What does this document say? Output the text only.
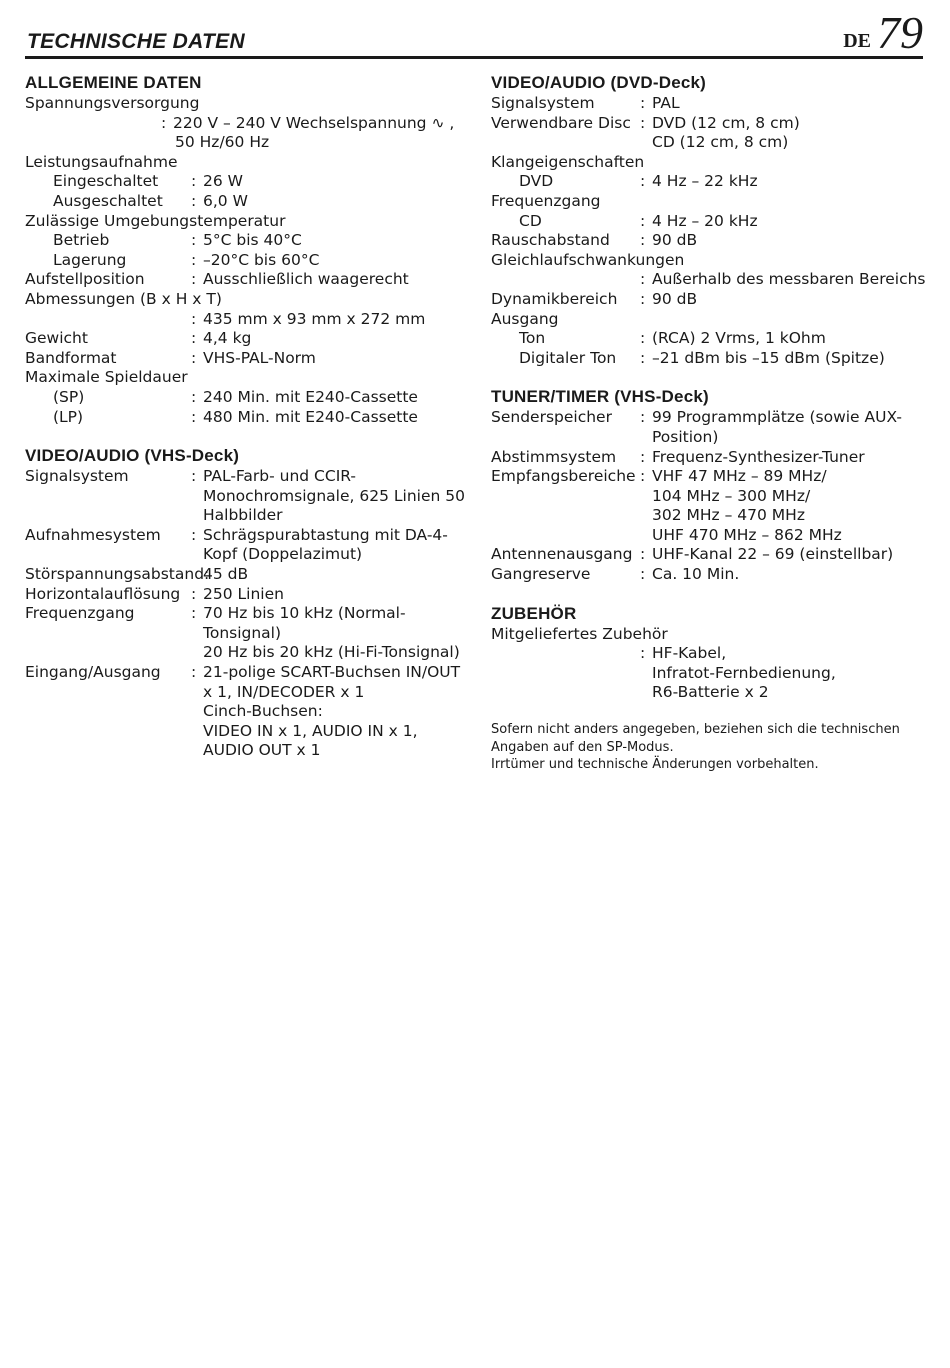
TECHNISCHE DATEN	DE 79
ALLGEMEINE DATEN
Spannungsversorgung
: 220 V – 240 V Wechselspannung ∿ ,
50 Hz/60 Hz
Leistungsaufnahme
Eingeschaltet	: 26 W
Ausgeschaltet	: 6,0 W
Zulässige Umgebungstemperatur
Betrieb	: 5°C bis 40°C
Lagerung	: –20°C bis 60°C
Aufstellposition	: Ausschließlich waagerecht
Abmessungen (B x H x T)
: 435 mm x 93 mm x 272 mm
Gewicht	: 4,4 kg
Bandformat	: VHS-PAL-Norm
Maximale Spieldauer
(SP)	: 240 Min. mit E240-Cassette
(LP)	: 480 Min. mit E240-Cassette
VIDEO/AUDIO (VHS-Deck)
Signalsystem	: PAL-Farb- und CCIR-Monochromsignale, 625 Linien 50 Halbbilder
Aufnahmesystem	: Schrägspurabtastung mit DA-4-Kopf (Doppelazimut)
Störspannungsabstand:
45 dB
Horizontalauflösung : 250 Linien
Frequenzgang	: 70 Hz bis 10 kHz (Normal-Tonsignal)
20 Hz bis 20 kHz (Hi-Fi-Tonsignal)
Eingang/Ausgang	: 21-polige SCART-Buchsen IN/OUT x 1, IN/DECODER x 1
Cinch-Buchsen:
VIDEO IN x 1, AUDIO IN x 1, AUDIO OUT x 1
VIDEO/AUDIO (DVD-Deck)
Signalsystem	: PAL
Verwendbare Disc : DVD (12 cm, 8 cm)
CD (12 cm, 8 cm)
Klangeigenschaften
DVD	: 4 Hz – 22 kHz
Frequenzgang
CD	: 4 Hz – 20 kHz
Rauschabstand	: 90 dB
Gleichlaufschwankungen
: Außerhalb des messbaren Bereichs
Dynamikbereich	: 90 dB
Ausgang
Ton	: (RCA) 2 Vrms, 1 kOhm
Digitaler Ton	: –21 dBm bis –15 dBm (Spitze)
TUNER/TIMER (VHS-Deck)
Senderspeicher	: 99 Programmplätze (sowie AUX-Position)
Abstimmsystem	: Frequenz-Synthesizer-Tuner
Empfangsbereiche : VHF 47 MHz – 89 MHz/
104 MHz – 300 MHz/
302 MHz – 470 MHz
UHF 470 MHz – 862 MHz
Antennenausgang : UHF-Kanal 22 – 69 (einstellbar)
Gangreserve	: Ca. 10 Min.
ZUBEHÖR
Mitgeliefertes Zubehör
: HF-Kabel,
Infratot-Fernbedienung,
R6-Batterie x 2
Sofern nicht anders angegeben, beziehen sich die technischen
Angaben auf den SP-Modus.
Irrtümer und technische Änderungen vorbehalten.
